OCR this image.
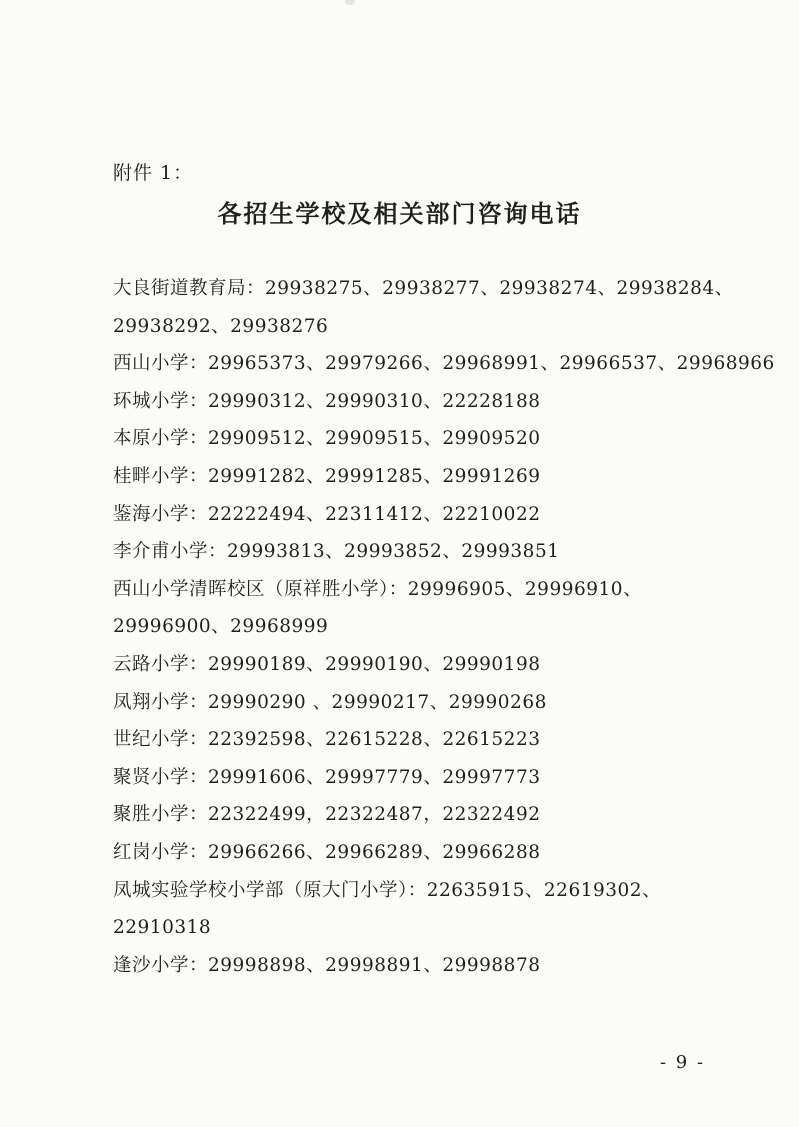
附件 1：
各招生学校及相关部门咨询电话
大良街道教育局：29938275、29938277、29938274、29938284、
29938292、29938276
西山小学：29965373、29979266、29968991、29966537、29968966
环城小学：29990312、29990310、22228188
本原小学：29909512、29909515、29909520
桂畔小学：29991282、29991285、29991269
鉴海小学：22222494、22311412、22210022
李介甫小学：29993813、29993852、29993851
西山小学清晖校区（原祥胜小学）：29996905、29996910、
29996900、29968999
云路小学：29990189、29990190、29990198
凤翔小学：29990290 、29990217、29990268
世纪小学：22392598、22615228、22615223
聚贤小学：29991606、29997779、29997773
聚胜小学：22322499，22322487，22322492
红岗小学：29966266、29966289、29966288
凤城实验学校小学部（原大门小学）：22635915、22619302、
22910318
逢沙小学：29998898、29998891、29998878
- 9 -
